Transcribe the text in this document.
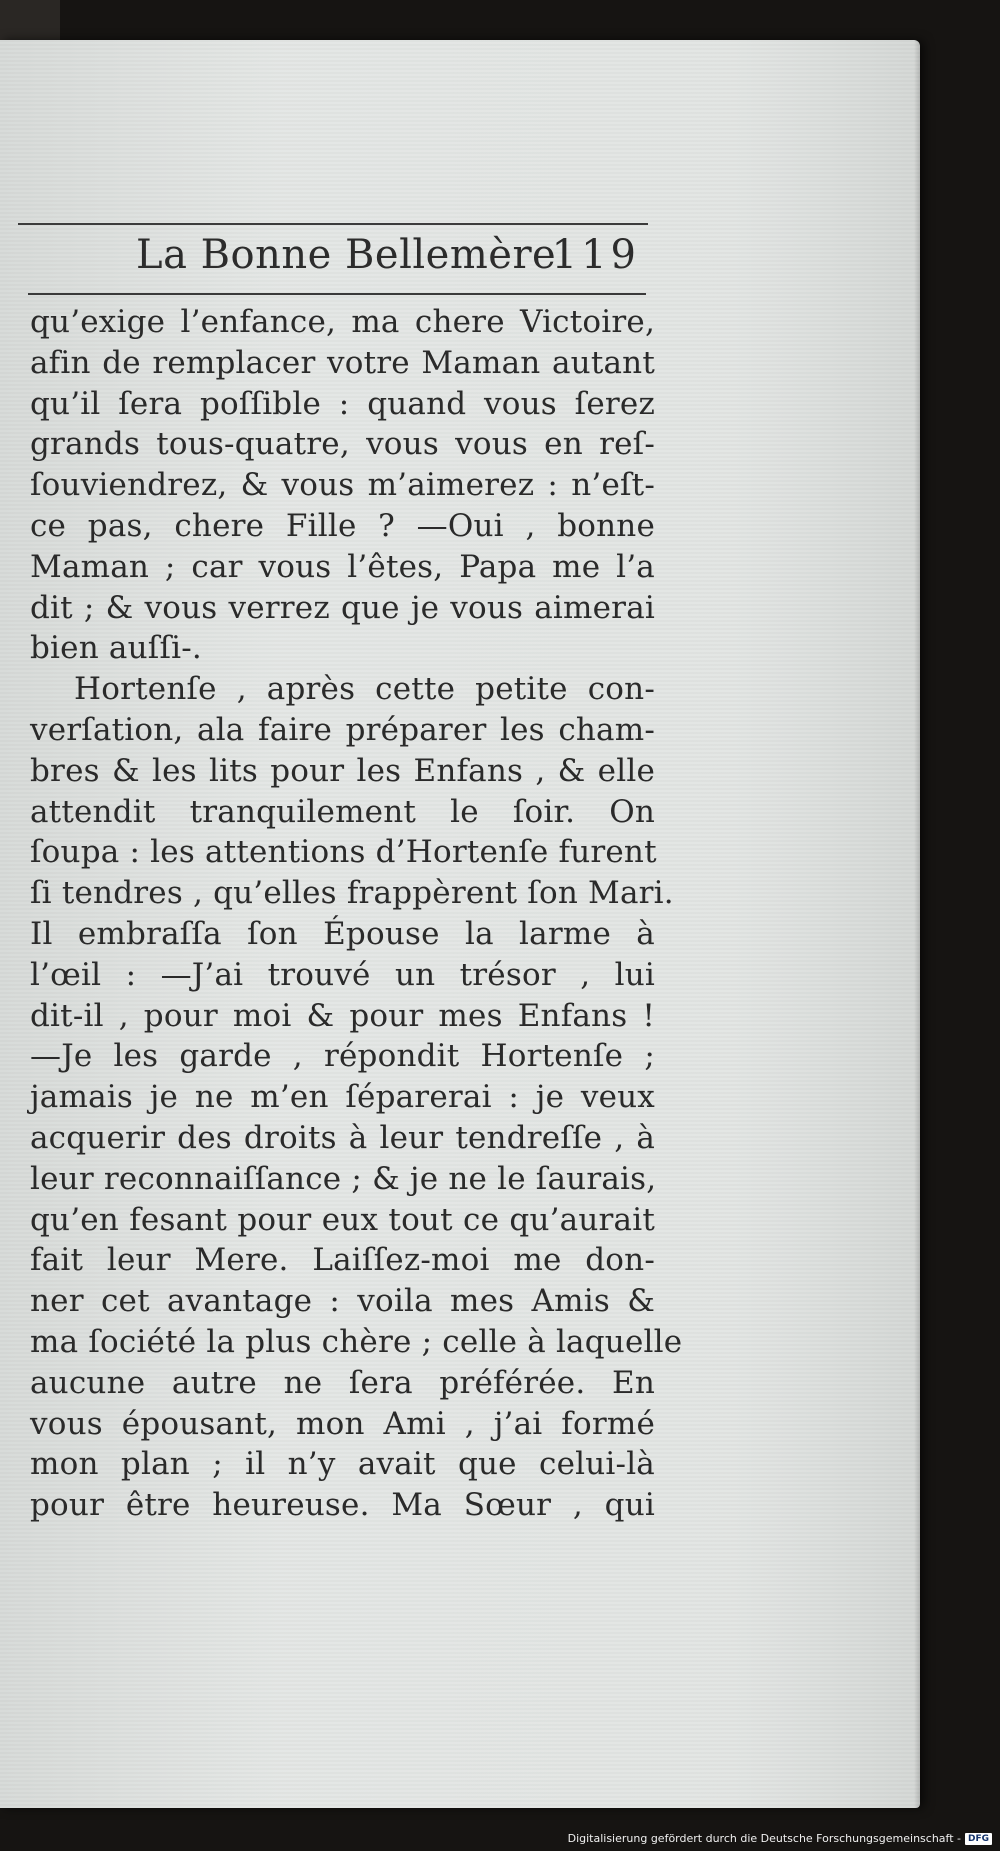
La Bonne Bellemère
119
qu’exige l’enfance, ma chere Victoire,
afin de remplacer votre Maman autant
qu’il ſera poſſible : quand vous ſerez
grands tous-quatre, vous vous en reſ-
ſouviendrez, & vous m’aimerez : n’eſt-
ce pas, chere Fille ? —Oui , bonne
Maman ; car vous l’êtes, Papa me l’a
dit ; & vous verrez que je vous aimerai
bien auſſi-.
Hortenſe , après cette petite con-
verſation, ala faire préparer les cham-
bres & les lits pour les Enfans , & elle
attendit tranquilement le ſoir. On
ſoupa : les attentions d’Hortenſe furent
ſi tendres , qu’elles frappèrent ſon Mari.
Il embraſſa ſon Épouse la larme à
l’œil : —J’ai trouvé un trésor , lui
dit-il , pour moi & pour mes Enfans !
—Je les garde , répondit Hortenſe ;
jamais je ne m’en ſéparerai : je veux
acquerir des droits à leur tendreſſe , à
leur reconnaiſſance ; & je ne le ſaurais,
qu’en fesant pour eux tout ce qu’aurait
fait leur Mere. Laiſſez-moi me don-
ner cet avantage : voila mes Amis &
ma ſociété la plus chère ; celle à laquelle
aucune autre ne ſera préférée. En
vous épousant, mon Ami , j’ai formé
mon plan ; il n’y avait que celui-là
pour être heureuse. Ma Sœur , qui
Digitalisierung gefördert durch die Deutsche Forschungsgemeinschaft - DFG
